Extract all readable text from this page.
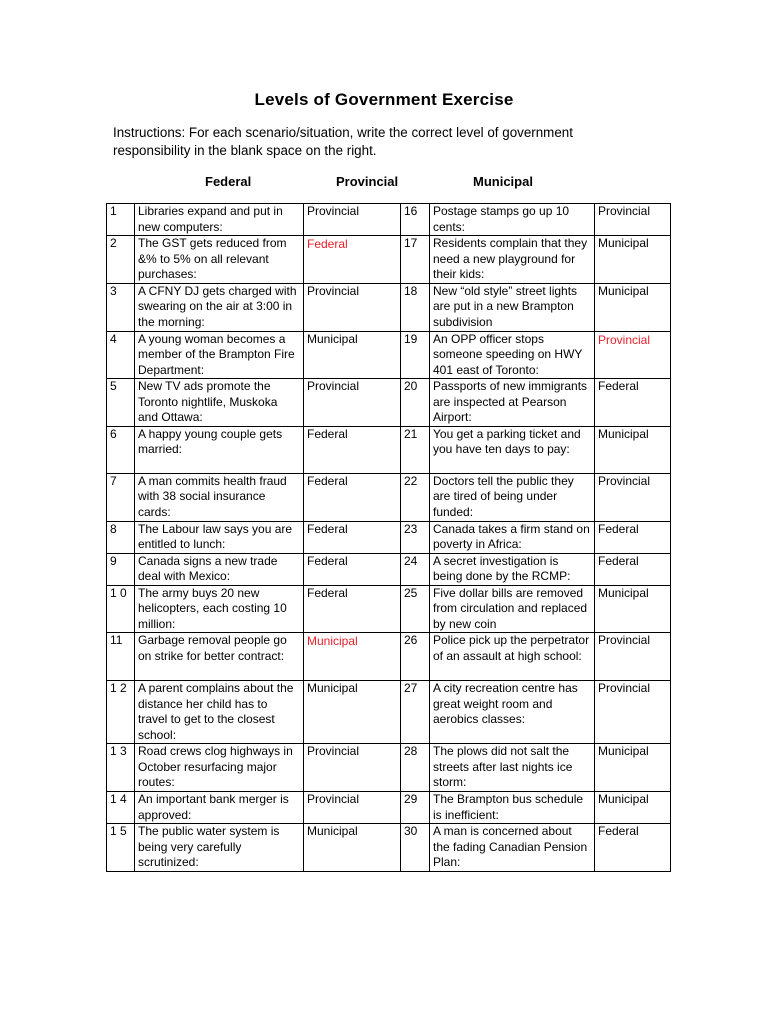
Levels of Government Exercise
Instructions: For each scenario/situation, write the correct level of government responsibility in the blank space on the right.
Federal	Provincial	Municipal
1	Libraries expand and put in new computers:	Provincial	16	Postage stamps go up 10 cents:	Provincial
2	The GST gets reduced from &% to 5% on all relevant purchases:	Federal	17	Residents complain that they need a new playground for their kids:	Municipal
3	A CFNY DJ gets charged with swearing on the air at 3:00 in the morning:	Provincial	18	New “old style” street lights are put in a new Brampton subdivision	Municipal
4	A young woman becomes a member of the Brampton Fire Department:	Municipal	19	An OPP officer stops someone speeding on HWY 401 east of Toronto:	Provincial
5	New TV ads promote the Toronto nightlife, Muskoka and Ottawa:	Provincial	20	Passports of new immigrants are inspected at Pearson Airport:	Federal
6	A happy young couple gets married:	Federal	21	You get a parking ticket and you have ten days to pay:	Municipal
7	A man commits health fraud with 38 social insurance cards:	Federal	22	Doctors tell the public they are tired of being under funded:	Provincial
8	The Labour law says you are entitled to lunch:	Federal	23	Canada takes a firm stand on poverty in Africa:	Federal
9	Canada signs a new trade deal with Mexico:	Federal	24	A secret investigation is being done by the RCMP:	Federal
1 0	The army buys 20 new helicopters, each costing 10 million:	Federal	25	Five dollar bills are removed from circulation and replaced by new coin	Municipal
11	Garbage removal people go on strike for better contract:	Municipal	26	Police pick up the perpetrator of an assault at high school:	Provincial
1 2	A parent complains about the distance her child has to travel to get to the closest school:	Municipal	27	A city recreation centre has great weight room and aerobics classes:	Provincial
1 3	Road crews clog highways in October resurfacing major routes:	Provincial	28	The plows did not salt the streets after last nights ice storm:	Municipal
1 4	An important bank merger is approved:	Provincial	29	The Brampton bus schedule is inefficient:	Municipal
1 5	The public water system is being very carefully scrutinized:	Municipal	30	A man is concerned about the fading Canadian Pension Plan:	Federal
